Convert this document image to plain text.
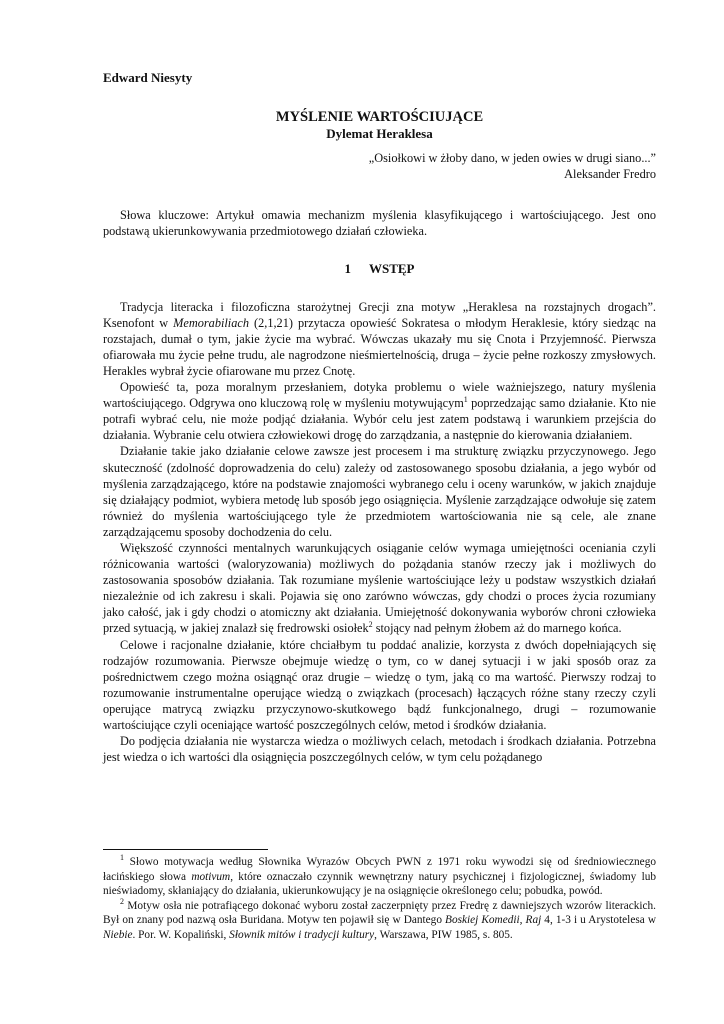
Edward Niesyty

MYŚLENIE WARTOŚCIUJĄCE

Dylemat Heraklesa

„Osiołkowi w żłoby dano, w jeden owies w drugi siano...”
Aleksander Fredro

Słowa kluczowe: Artykuł omawia mechanizm myślenia klasyfikującego i wartościującego. Jest ono podstawą ukierunkowywania przedmiotowego działań człowieka.

1 WSTĘP

Tradycja literacka i filozoficzna starożytnej Grecji zna motyw „Heraklesa na rozstajnych drogach”. Ksenofont w Memorabiliach (2,1,21) przytacza opowieść Sokratesa o młodym Heraklesie, który siedząc na rozstajach, dumał o tym, jakie życie ma wybrać. Wówczas ukazały mu się Cnota i Przyjemność. Pierwsza ofiarowała mu życie pełne trudu, ale nagrodzone nieśmiertelnością, druga – życie pełne rozkoszy zmysłowych. Herakles wybrał życie ofiarowane mu przez Cnotę.

Opowieść ta, poza moralnym przesłaniem, dotyka problemu o wiele ważniejszego, natury myślenia wartościującego. Odgrywa ono kluczową rolę w myśleniu motywującym$^1$ poprzedzając samo działanie. Kto nie potrafi wybrać celu, nie może podjąć działania. Wybór celu jest zatem podstawą i warunkiem przejścia do działania. Wybranie celu otwiera człowiekowi drogę do zarządzania, a następnie do kierowania działaniem.

Działanie takie jako działanie celowe zawsze jest procesem i ma strukturę związku przyczynowego. Jego skuteczność (zdolność doprowadzenia do celu) zależy od zastosowanego sposobu działania, a jego wybór od myślenia zarządzającego, które na podstawie znajomości wybranego celu i oceny warunków, w jakich znajduje się działający podmiot, wybiera metodę lub sposób jego osiągnięcia. Myślenie zarządzające odwołuje się zatem również do myślenia wartościującego tyle że przedmiotem wartościowania nie są cele, ale znane zarządzającemu sposoby dochodzenia do celu.

Większość czynności mentalnych warunkujących osiąganie celów wymaga umiejętności oceniania czyli różnicowania wartości (waloryzowania) możliwych do pożądania stanów rzeczy jak i możliwych do zastosowania sposobów działania. Tak rozumiane myślenie wartościujące leży u podstaw wszystkich działań niezależnie od ich zakresu i skali. Pojawia się ono zarówno wówczas, gdy chodzi o proces życia rozumiany jako całość, jak i gdy chodzi o atomiczny akt działania. Umiejętność dokonywania wyborów chroni człowieka przed sytuacją, w jakiej znalazł się fredrowski osiołek$^2$ stojący nad pełnym żłobem aż do marnego końca.

Celowe i racjonalne działanie, które chciałbym tu poddać analizie, korzysta z dwóch dopełniających się rodzajów rozumowania. Pierwsze obejmuje wiedzę o tym, co w danej sytuacji i w jaki sposób oraz za pośrednictwem czego można osiągnąć oraz drugie – wiedzę o tym, jaką co ma wartość. Pierwszy rodzaj to rozumowanie instrumentalne operujące wiedzą o związkach (procesach) łączących różne stany rzeczy czyli operujące matrycą związku przyczynowo-skutkowego bądź funkcjonalnego, drugi – rozumowanie wartościujące czyli oceniające wartość poszczególnych celów, metod i środków działania.

Do podjęcia działania nie wystarcza wiedza o możliwych celach, metodach i środkach działania. Potrzebna jest wiedza o ich wartości dla osiągnięcia poszczególnych celów, w tym celu pożądanego

$^1$ Słowo motywacja według Słownika Wyrazów Obcych PWN z 1971 roku wywodzi się od średniowiecznego łacińskiego słowa motivum, które oznaczało czynnik wewnętrzny natury psychicznej i fizjologicznej, świadomy lub nieświadomy, skłaniający do działania, ukierunkowujący je na osiągnięcie określonego celu; pobudka, powód.

$^2$ Motyw osła nie potrafiącego dokonać wyboru został zaczerpnięty przez Fredrę z dawniejszych wzorów literackich. Był on znany pod nazwą osła Buridana. Motyw ten pojawił się w Dantego Boskiej Komedii, Raj 4, 1-3 i u Arystotelesa w Niebie. Por. W. Kopaliński, Słownik mitów i tradycji kultury, Warszawa, PIW 1985, s. 805.
